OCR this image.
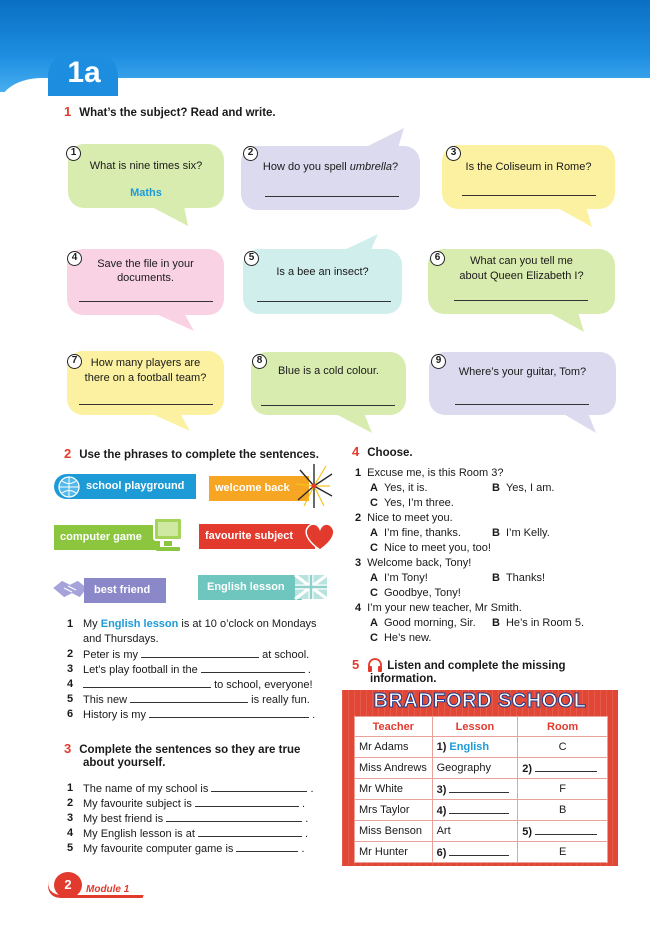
1a
1 What’s the subject? Read and write.
What is nine times six?
Maths
1
How do you spell umbrella?
2
Is the Coliseum in Rome?
3
Save the file in your
documents.
4
Is a bee an insect?
5	What can you tell me
about Queen Elizabeth I?
6
How many players are
there on a football team?
7
Blue is a cold colour.
8
Where’s your guitar, Tom?
9
2 Use the phrases to complete the sentences.
school playground	welcome back
computer game	favourite subject
best friend	English lesson
1 My English lesson is at 10 o’clock on Mondays
and Thursdays.
2 Peter is my	at school.
3 Let’s play football in the	.
4	to school, everyone!
5 This new	is really fun.
6 History is my	.
3 Complete the sentences so they are true
about yourself.
1 The name of my school is	.
2 My favourite subject is	.
3 My best friend is	.
4 My English lesson is at	.
5 My favourite computer game is	.
4 Choose.
1 Excuse me, is this Room 3?
A Yes, it is.	B Yes, I am.
C Yes, I’m three.
2 Nice to meet you.
A I’m fine, thanks.	B I’m Kelly.
C Nice to meet you, too!
3 Welcome back, Tony!
A I’m Tony!	B Thanks!
C Goodbye, Tony!
4 I’m your new teacher, Mr Smith.
A Good morning, Sir. B He’s in Room 5.
C He’s new.
5 Listen and complete the missing
information.
BRADFORD SCHOOL
Teacher	Lesson	Room
Mr Adams	1) English	C
Miss Andrews	Geography	2)
Mr White	3)	F
Mrs Taylor	4)	B
Miss Benson	Art	5)
Mr Hunter	6)	E
2	Module 1
